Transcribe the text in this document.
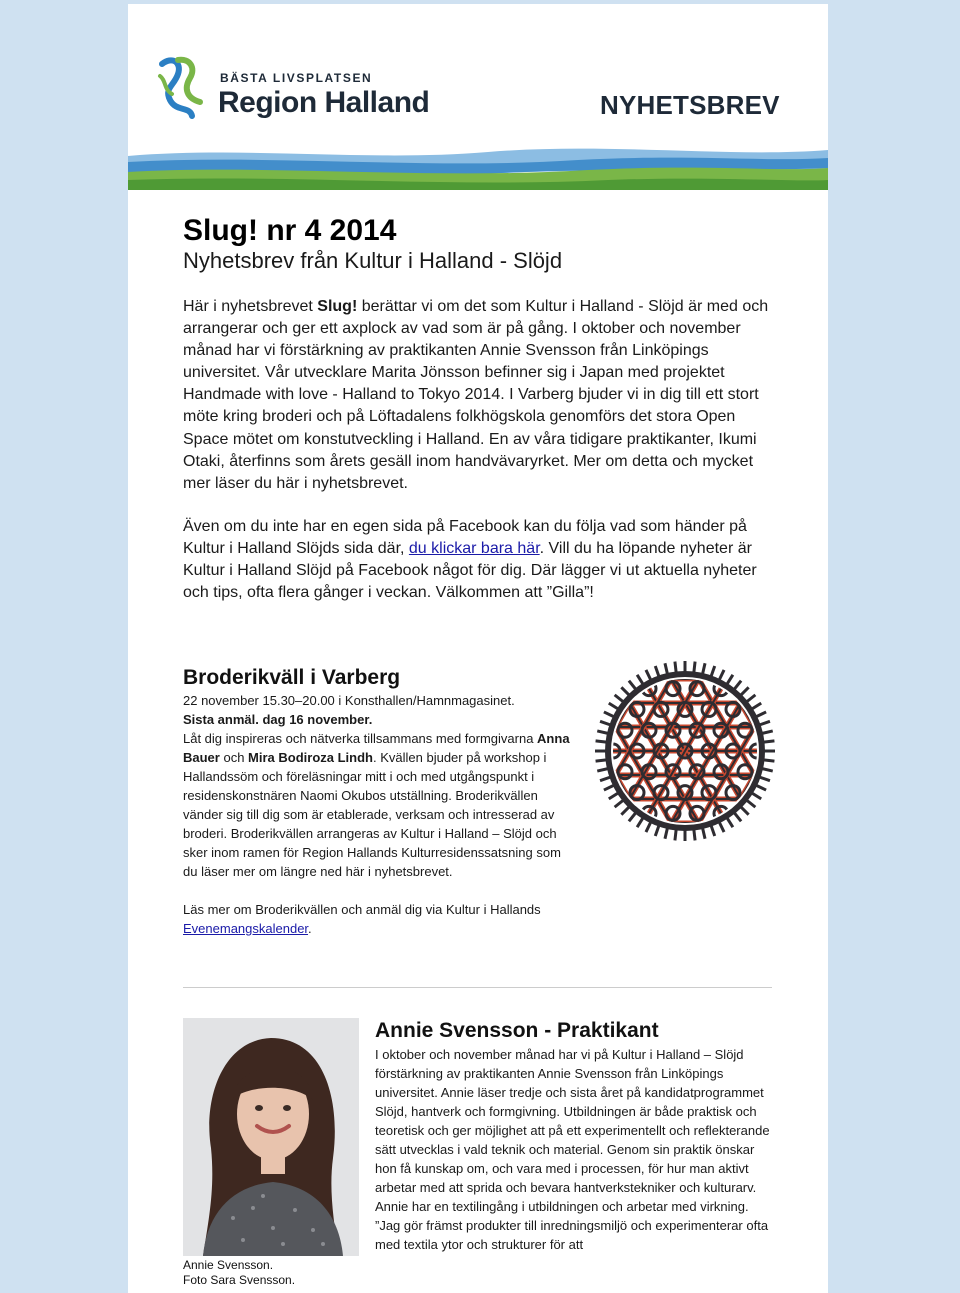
BÄSTA LIVSPLATSEN
Region Halland	NYHETSBREV
Slug! nr 4 2014
Nyhetsbrev från Kultur i Halland - Slöjd

Här i nyhetsbrevet Slug! berättar vi om det som Kultur i Halland - Slöjd är med och arrangerar och ger ett axplock av vad som är på gång. I oktober och november månad har vi förstärkning av praktikanten Annie Svensson från Linköpings universitet. Vår utvecklare Marita Jönsson befinner sig i Japan med projektet Handmade with love - Halland to Tokyo 2014. I Varberg bjuder vi in dig till ett stort möte kring broderi och på Löftadalens folkhögskola genomförs det stora Open Space mötet om konstutveckling i Halland. En av våra tidigare praktikanter, Ikumi Otaki, återfinns som årets gesäll inom handvävaryrket. Mer om detta och mycket mer läser du här i nyhetsbrevet.

Även om du inte har en egen sida på Facebook kan du följa vad som händer på Kultur i Halland Slöjds sida där, du klickar bara här. Vill du ha löpande nyheter är Kultur i Halland Slöjd på Facebook något för dig. Där lägger vi ut aktuella nyheter och tips, ofta flera gånger i veckan. Välkommen att ”Gilla”!

Broderikväll i Varberg

22 november 15.30–20.00 i Konsthallen/Hamnmagasinet.

Sista anmäl. dag 16 november.

Låt dig inspireras och nätverka tillsammans med formgivarna Anna Bauer och Mira Bodiroza Lindh. Kvällen bjuder på workshop i Hallandssöm och föreläsningar mitt i och med utgångspunkt i residenskonstnären Naomi Okubos utställning. Broderikvällen vänder sig till dig som är etablerade, verksam och intresserad av broderi. Broderikvällen arrangeras av Kultur i Halland – Slöjd och sker inom ramen för Region Hallands Kulturresidenssatsning som du läser mer om längre ned här i nyhetsbrevet.

Läs mer om Broderikvällen och anmäl dig via Kultur i Hallands Evenemangskalender.

Annie Svensson.
Foto Sara Svensson.
Annie Svensson - Praktikant

I oktober och november månad har vi på Kultur i Halland – Slöjd förstärkning av praktikanten Annie Svensson från Linköpings universitet. Annie läser tredje och sista året på kandidatprogrammet Slöjd, hantverk och formgivning. Utbildningen är både praktisk och teoretisk och ger möjlighet att på ett experimentellt och reflekterande sätt utvecklas i vald teknik och material. Genom sin praktik önskar hon få kunskap om, och vara med i processen, för hur man aktivt arbetar med att sprida och bevara hantverkstekniker och kulturarv. Annie har en textilingång i utbildningen och arbetar med virkning.

”Jag gör främst produkter till inredningsmiljö och experimenterar ofta med textila ytor och strukturer för att
